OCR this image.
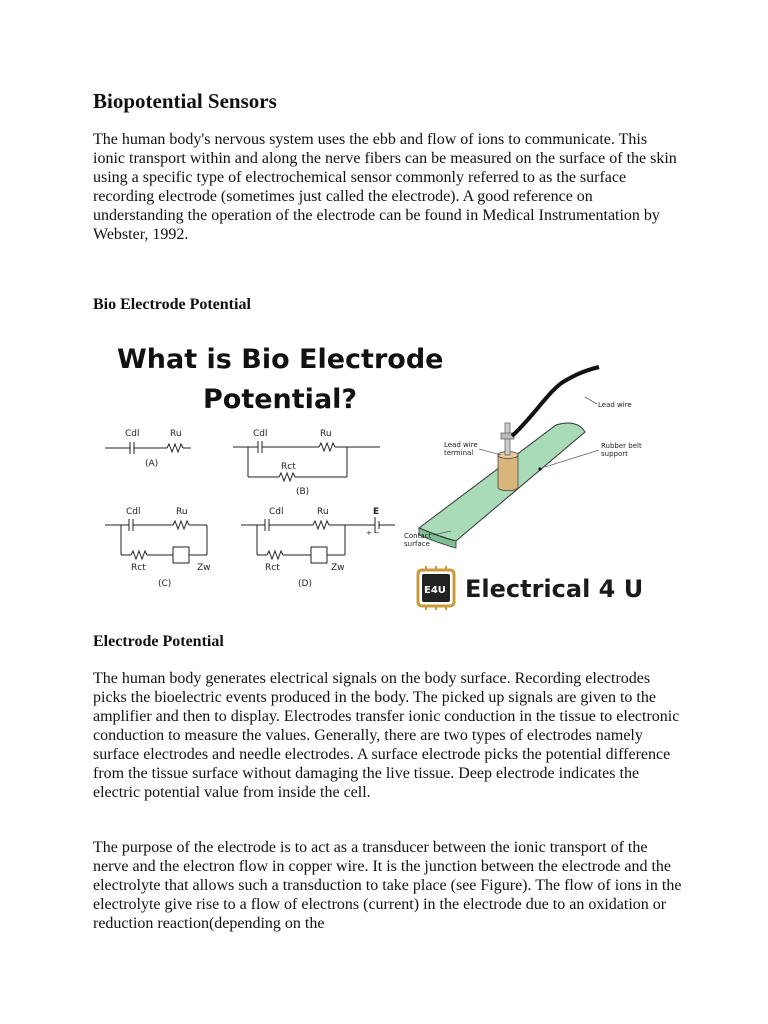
Biopotential Sensors

The human body's nervous system uses the ebb and flow of ions to communicate. This ionic transport within and along the nerve fibers can be measured on the surface of the skin using a specific type of electrochemical sensor commonly referred to as the surface recording electrode (sometimes just called the electrode). A good reference on understanding the operation of the electrode can be found in Medical Instrumentation by Webster, 1992.

Bio Electrode Potential
What is Bio Electrode
Potential?
Cdl	Ru
(A)
Cdl	Ru
Rct
(B)
Cdl	Ru
Rct	Zw
(C)
Cdl	Ru	E
+ −
Rct	Zw
(D)
Lead wire
Lead wire
terminal
Rubber belt
support
Contact
surface
E4U Electrical 4 U
Electrode Potential

The human body generates electrical signals on the body surface. Recording electrodes picks the bioelectric events produced in the body. The picked up signals are given to the amplifier and then to display. Electrodes transfer ionic conduction in the tissue to electronic conduction to measure the values. Generally, there are two types of electrodes namely surface electrodes and needle electrodes. A surface electrode picks the potential difference from the tissue surface without damaging the live tissue. Deep electrode indicates the electric potential value from inside the cell.

The purpose of the electrode is to act as a transducer between the ionic transport of the nerve and the electron flow in copper wire. It is the junction between the electrode and the electrolyte that allows such a transduction to take place (see Figure). The flow of ions in the electrolyte give rise to a flow of electrons (current) in the electrode due to an oxidation or reduction reaction(depending on the
